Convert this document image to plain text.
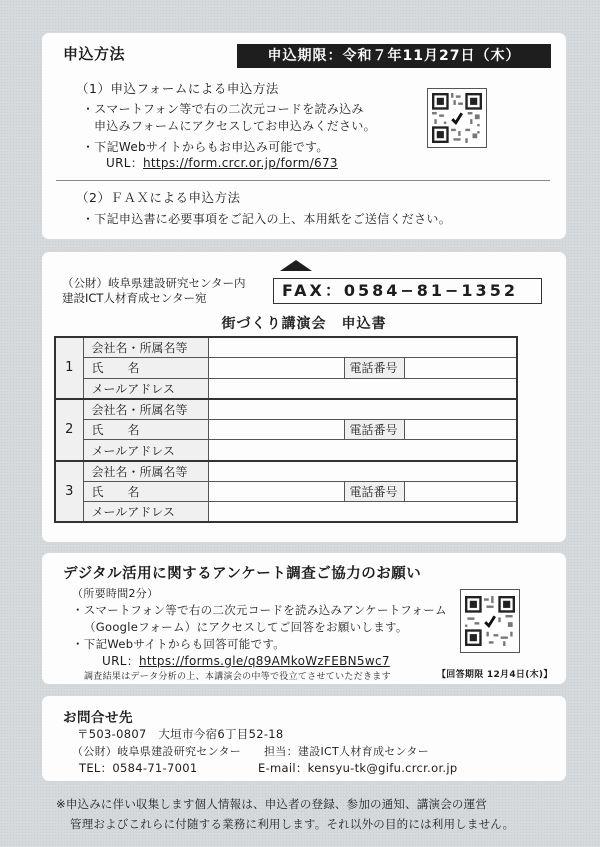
申込方法	申込期限：令和７年11月27日（木）
（1）申込フォームによる申込方法
・スマートフォン等で右の二次元コードを読み込み
申込みフォームにアクセスしてお申込みください。
・下記Webサイトからもお申込み可能です。
URL：https://form.crcr.or.jp/form/673
（2）ＦＡＸによる申込方法
・下記申込書に必要事項をご記入の上、本用紙をご送信ください。
（公財）岐阜県建設研究センター内
建設ICT人材育成センター宛	FAX：0584−81−1352
街づくり講演会　申込書
1	会社名・所属名等			
	氏　　名		電話番号	
	メールアドレス			
2	会社名・所属名等			
	氏　　名		電話番号	
	メールアドレス			
3	会社名・所属名等			
	氏　　名		電話番号	
	メールアドレス			
デジタル活用に関するアンケート調査ご協力のお願い
（所要時間2分）
・スマートフォン等で右の二次元コードを読み込みアンケートフォーム
（Googleフォーム）にアクセスしてご回答をお願いします。
・下記Webサイトからも回答可能です。
URL：https://forms.gle/q89AMkoWzFEBN5wc7
調査結果はデータ分析の上、本講演会の中等で役立てさせていただきます	【回答期限 12月4日(木)】
お問合せ先
〒503-0807　大垣市今宿6丁目52-18
（公財）岐阜県建設研究センター 担当：建設ICT人材育成センター
TEL：0584-71-7001	E-mail：kensyu-tk@gifu.crcr.or.jp
※申込みに伴い収集します個人情報は、申込者の登録、参加の通知、講演会の運営
管理およびこれらに付随する業務に利用します。それ以外の目的には利用しません。
